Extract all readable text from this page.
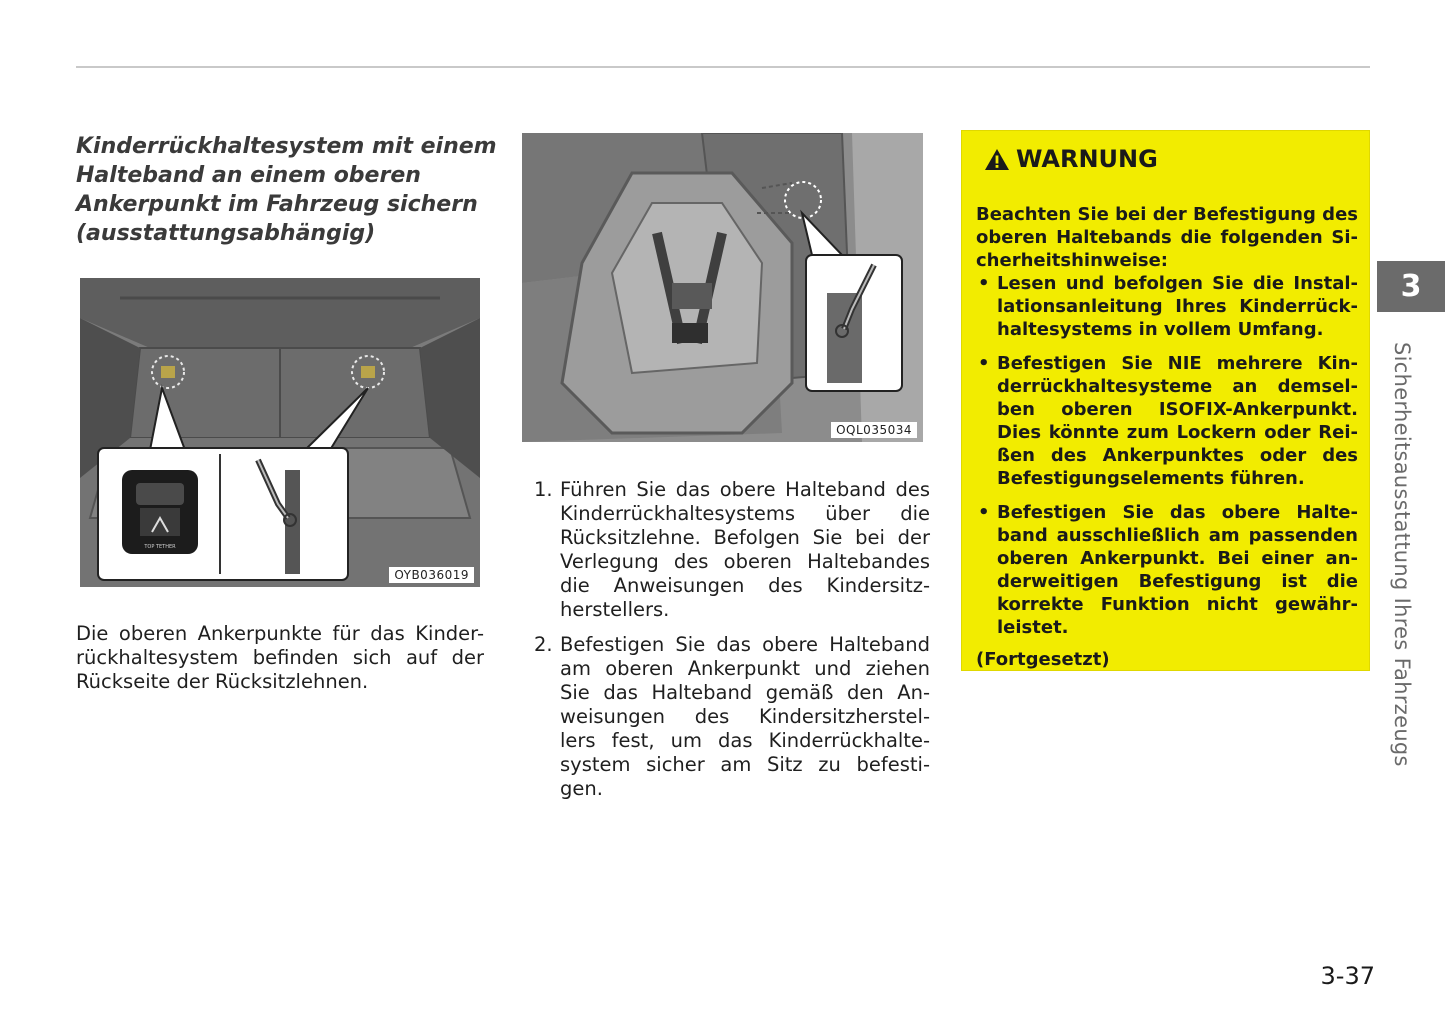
Kinderrückhaltesystem mit einem
Halteband an einem oberen
Ankerpunkt im Fahrzeug sichern
(ausstattungsabhängig)
TOP TETHER
OYB036019
Die oberen Ankerpunkte für das Kinder-
rückhaltesystem befinden sich auf der
Rückseite der Rücksitzlehnen.
OQL035034
1. Führen Sie das obere Halteband des
Kinderrückhaltesystems über die
Rücksitzlehne. Befolgen Sie bei der
Verlegung des oberen Haltebandes
die Anweisungen des Kindersitz-
herstellers.
2. Befestigen Sie das obere Halteband
am oberen Ankerpunkt und ziehen
Sie das Halteband gemäß den An-
weisungen des Kindersitzherstel-
lers fest, um das Kinderrückhalte-
system sicher am Sitz zu befesti-
gen.
WARNUNG
Beachten Sie bei der Befestigung des
oberen Haltebands die folgenden Si-
cherheitshinweise:
• Lesen und befolgen Sie die Instal-
lationsanleitung Ihres Kinderrück-
haltesystems in vollem Umfang.
• Befestigen Sie NIE mehrere Kin-
derrückhaltesysteme an demsel-
ben oberen ISOFIX-Ankerpunkt.
Dies könnte zum Lockern oder Rei-
ßen des Ankerpunktes oder des
Befestigungselements führen.
• Befestigen Sie das obere Halte-
band ausschließlich am passenden
oberen Ankerpunkt. Bei einer an-
derweitigen Befestigung ist die
korrekte Funktion nicht gewähr-
leistet.
(Fortgesetzt)
3
Sicherheitsausstattung Ihres Fahrzeugs
3-37
